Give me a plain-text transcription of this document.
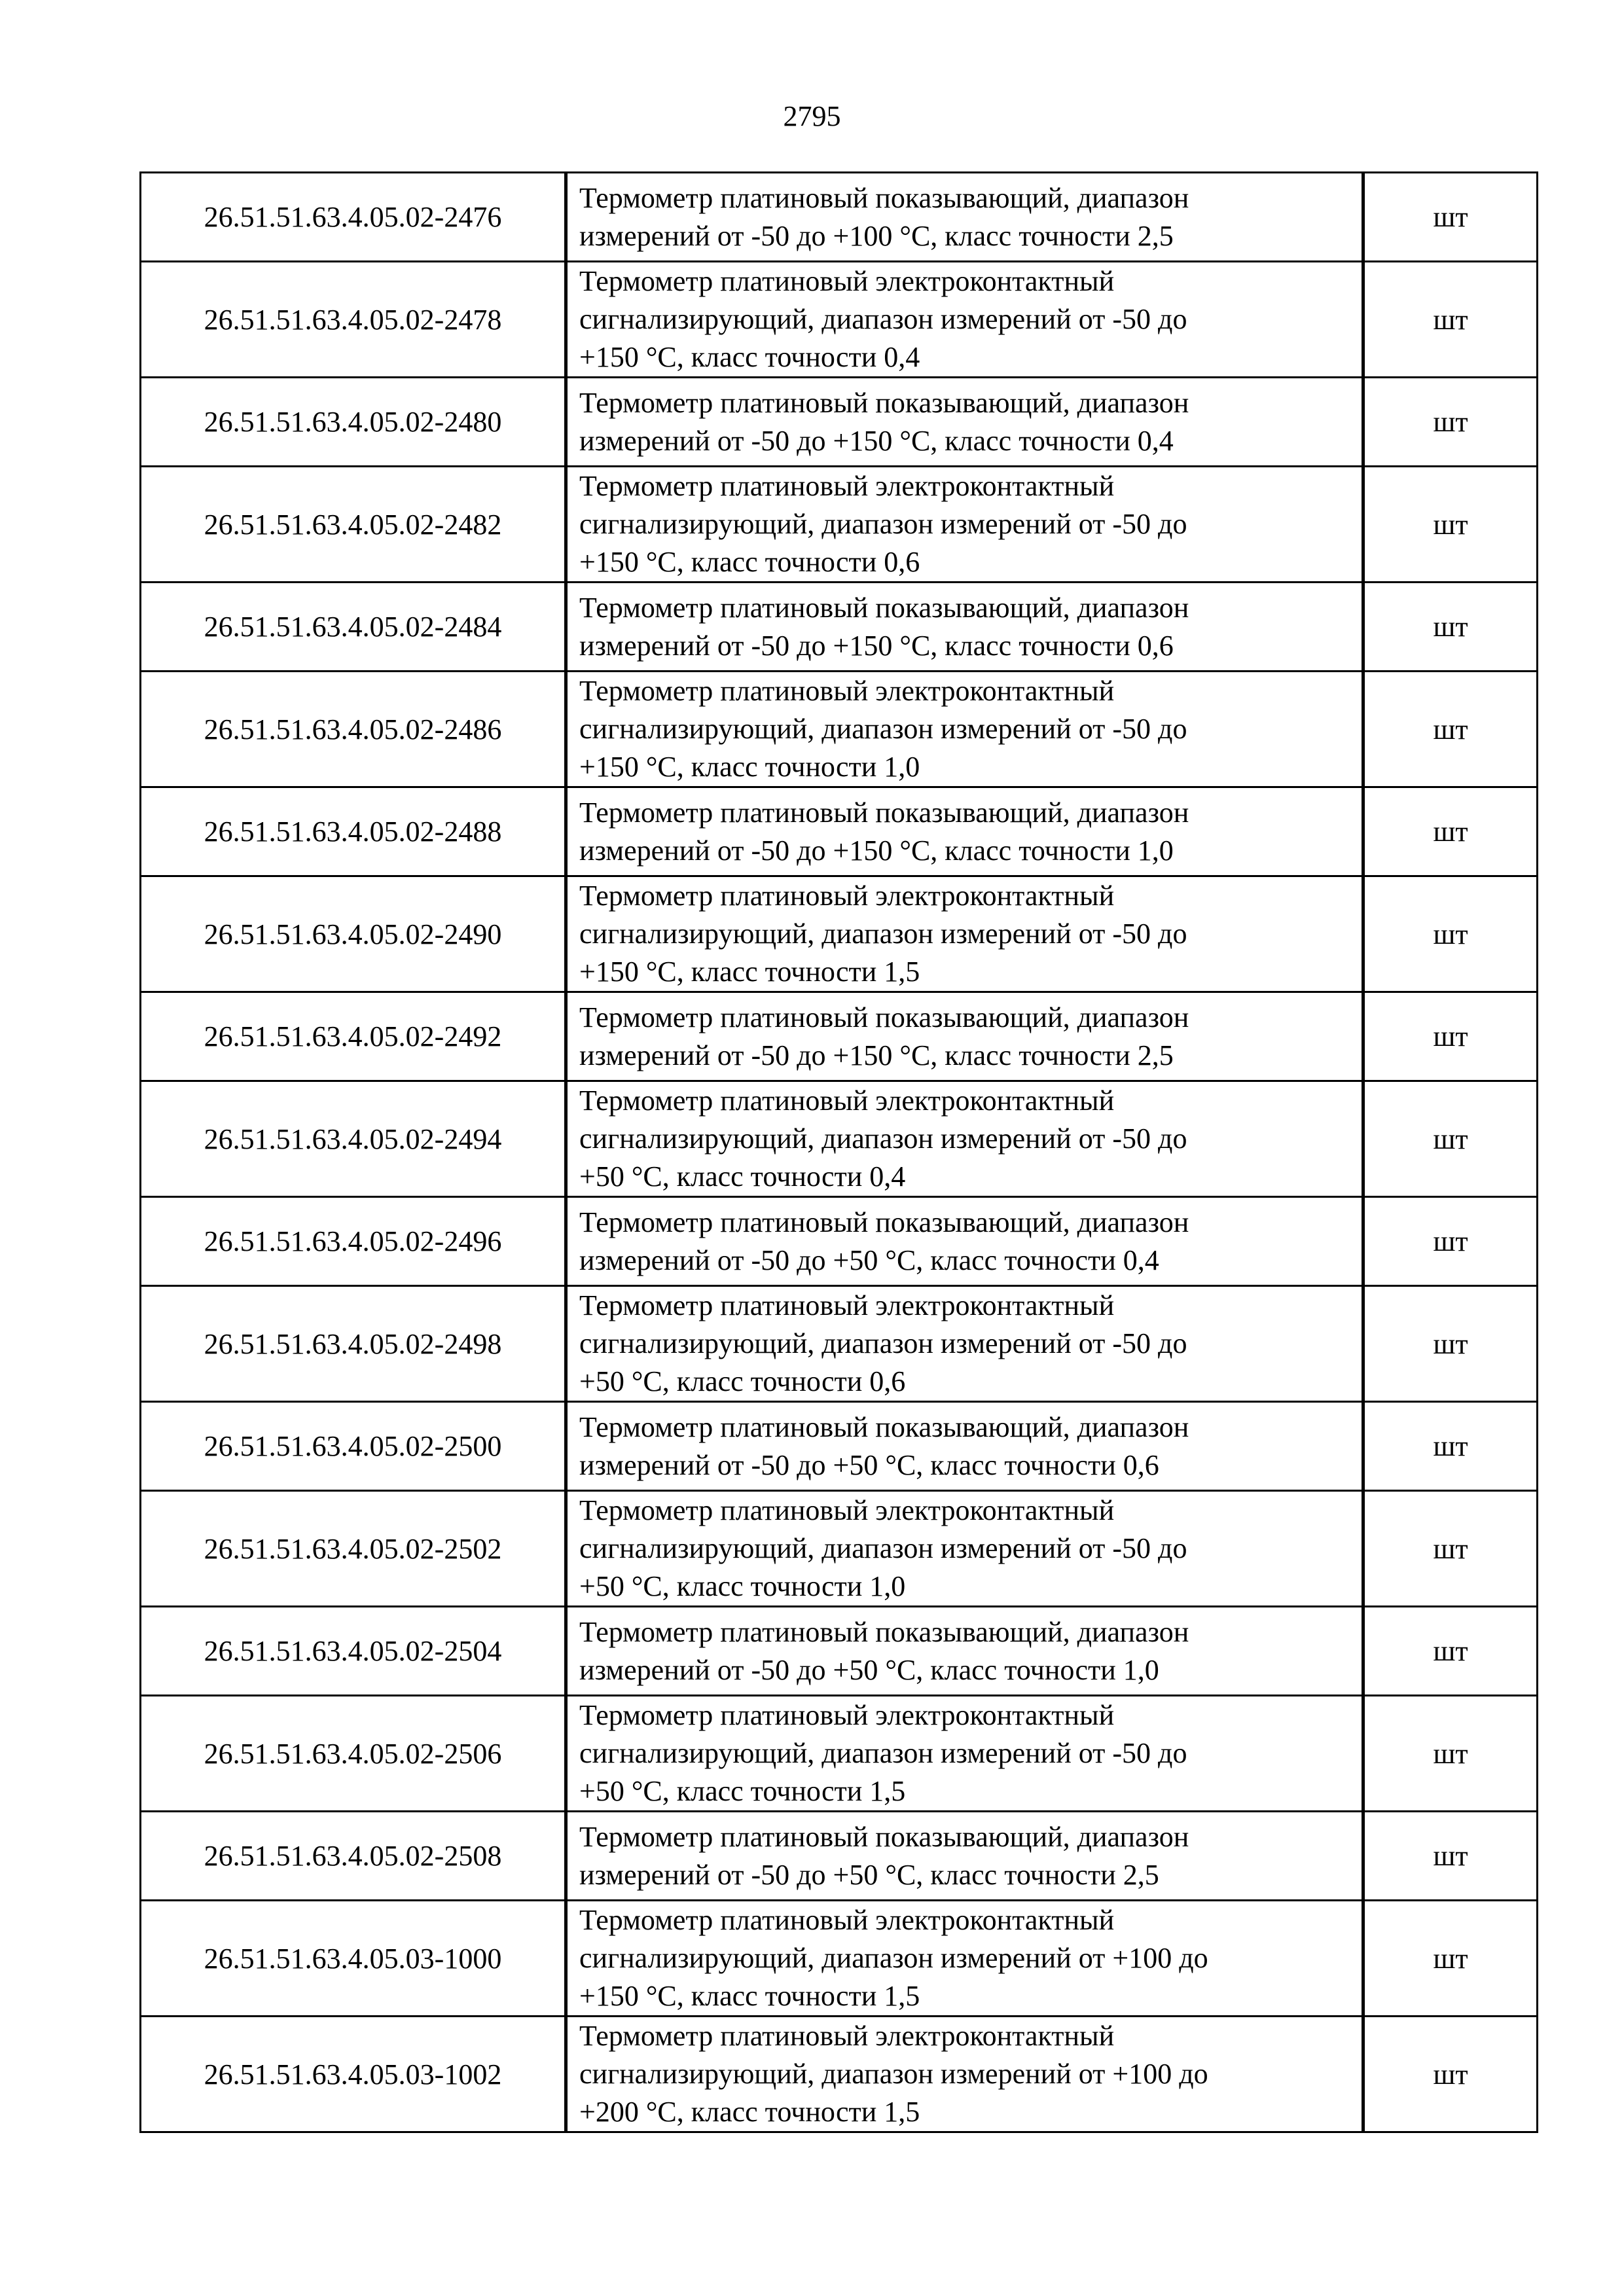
2795
26.51.51.63.4.05.02-2476	Термометр платиновый показывающий, диапазон
измерений от -50 до +100 °С, класс точности 2,5	шт
26.51.51.63.4.05.02-2478	Термометр платиновый электроконтактный
сигнализирующий, диапазон измерений от -50 до
+150 °С, класс точности 0,4	шт
26.51.51.63.4.05.02-2480	Термометр платиновый показывающий, диапазон
измерений от -50 до +150 °С, класс точности 0,4	шт
26.51.51.63.4.05.02-2482	Термометр платиновый электроконтактный
сигнализирующий, диапазон измерений от -50 до
+150 °С, класс точности 0,6	шт
26.51.51.63.4.05.02-2484	Термометр платиновый показывающий, диапазон
измерений от -50 до +150 °С, класс точности 0,6	шт
26.51.51.63.4.05.02-2486	Термометр платиновый электроконтактный
сигнализирующий, диапазон измерений от -50 до
+150 °С, класс точности 1,0	шт
26.51.51.63.4.05.02-2488	Термометр платиновый показывающий, диапазон
измерений от -50 до +150 °С, класс точности 1,0	шт
26.51.51.63.4.05.02-2490	Термометр платиновый электроконтактный
сигнализирующий, диапазон измерений от -50 до
+150 °С, класс точности 1,5	шт
26.51.51.63.4.05.02-2492	Термометр платиновый показывающий, диапазон
измерений от -50 до +150 °С, класс точности 2,5	шт
26.51.51.63.4.05.02-2494	Термометр платиновый электроконтактный
сигнализирующий, диапазон измерений от -50 до
+50 °С, класс точности 0,4	шт
26.51.51.63.4.05.02-2496	Термометр платиновый показывающий, диапазон
измерений от -50 до +50 °С, класс точности 0,4	шт
26.51.51.63.4.05.02-2498	Термометр платиновый электроконтактный
сигнализирующий, диапазон измерений от -50 до
+50 °С, класс точности 0,6	шт
26.51.51.63.4.05.02-2500	Термометр платиновый показывающий, диапазон
измерений от -50 до +50 °С, класс точности 0,6	шт
26.51.51.63.4.05.02-2502	Термометр платиновый электроконтактный
сигнализирующий, диапазон измерений от -50 до
+50 °С, класс точности 1,0	шт
26.51.51.63.4.05.02-2504	Термометр платиновый показывающий, диапазон
измерений от -50 до +50 °С, класс точности 1,0	шт
26.51.51.63.4.05.02-2506	Термометр платиновый электроконтактный
сигнализирующий, диапазон измерений от -50 до
+50 °С, класс точности 1,5	шт
26.51.51.63.4.05.02-2508	Термометр платиновый показывающий, диапазон
измерений от -50 до +50 °С, класс точности 2,5	шт
26.51.51.63.4.05.03-1000	Термометр платиновый электроконтактный
сигнализирующий, диапазон измерений от +100 до
+150 °С, класс точности 1,5	шт
26.51.51.63.4.05.03-1002	Термометр платиновый электроконтактный
сигнализирующий, диапазон измерений от +100 до
+200 °С, класс точности 1,5	шт
